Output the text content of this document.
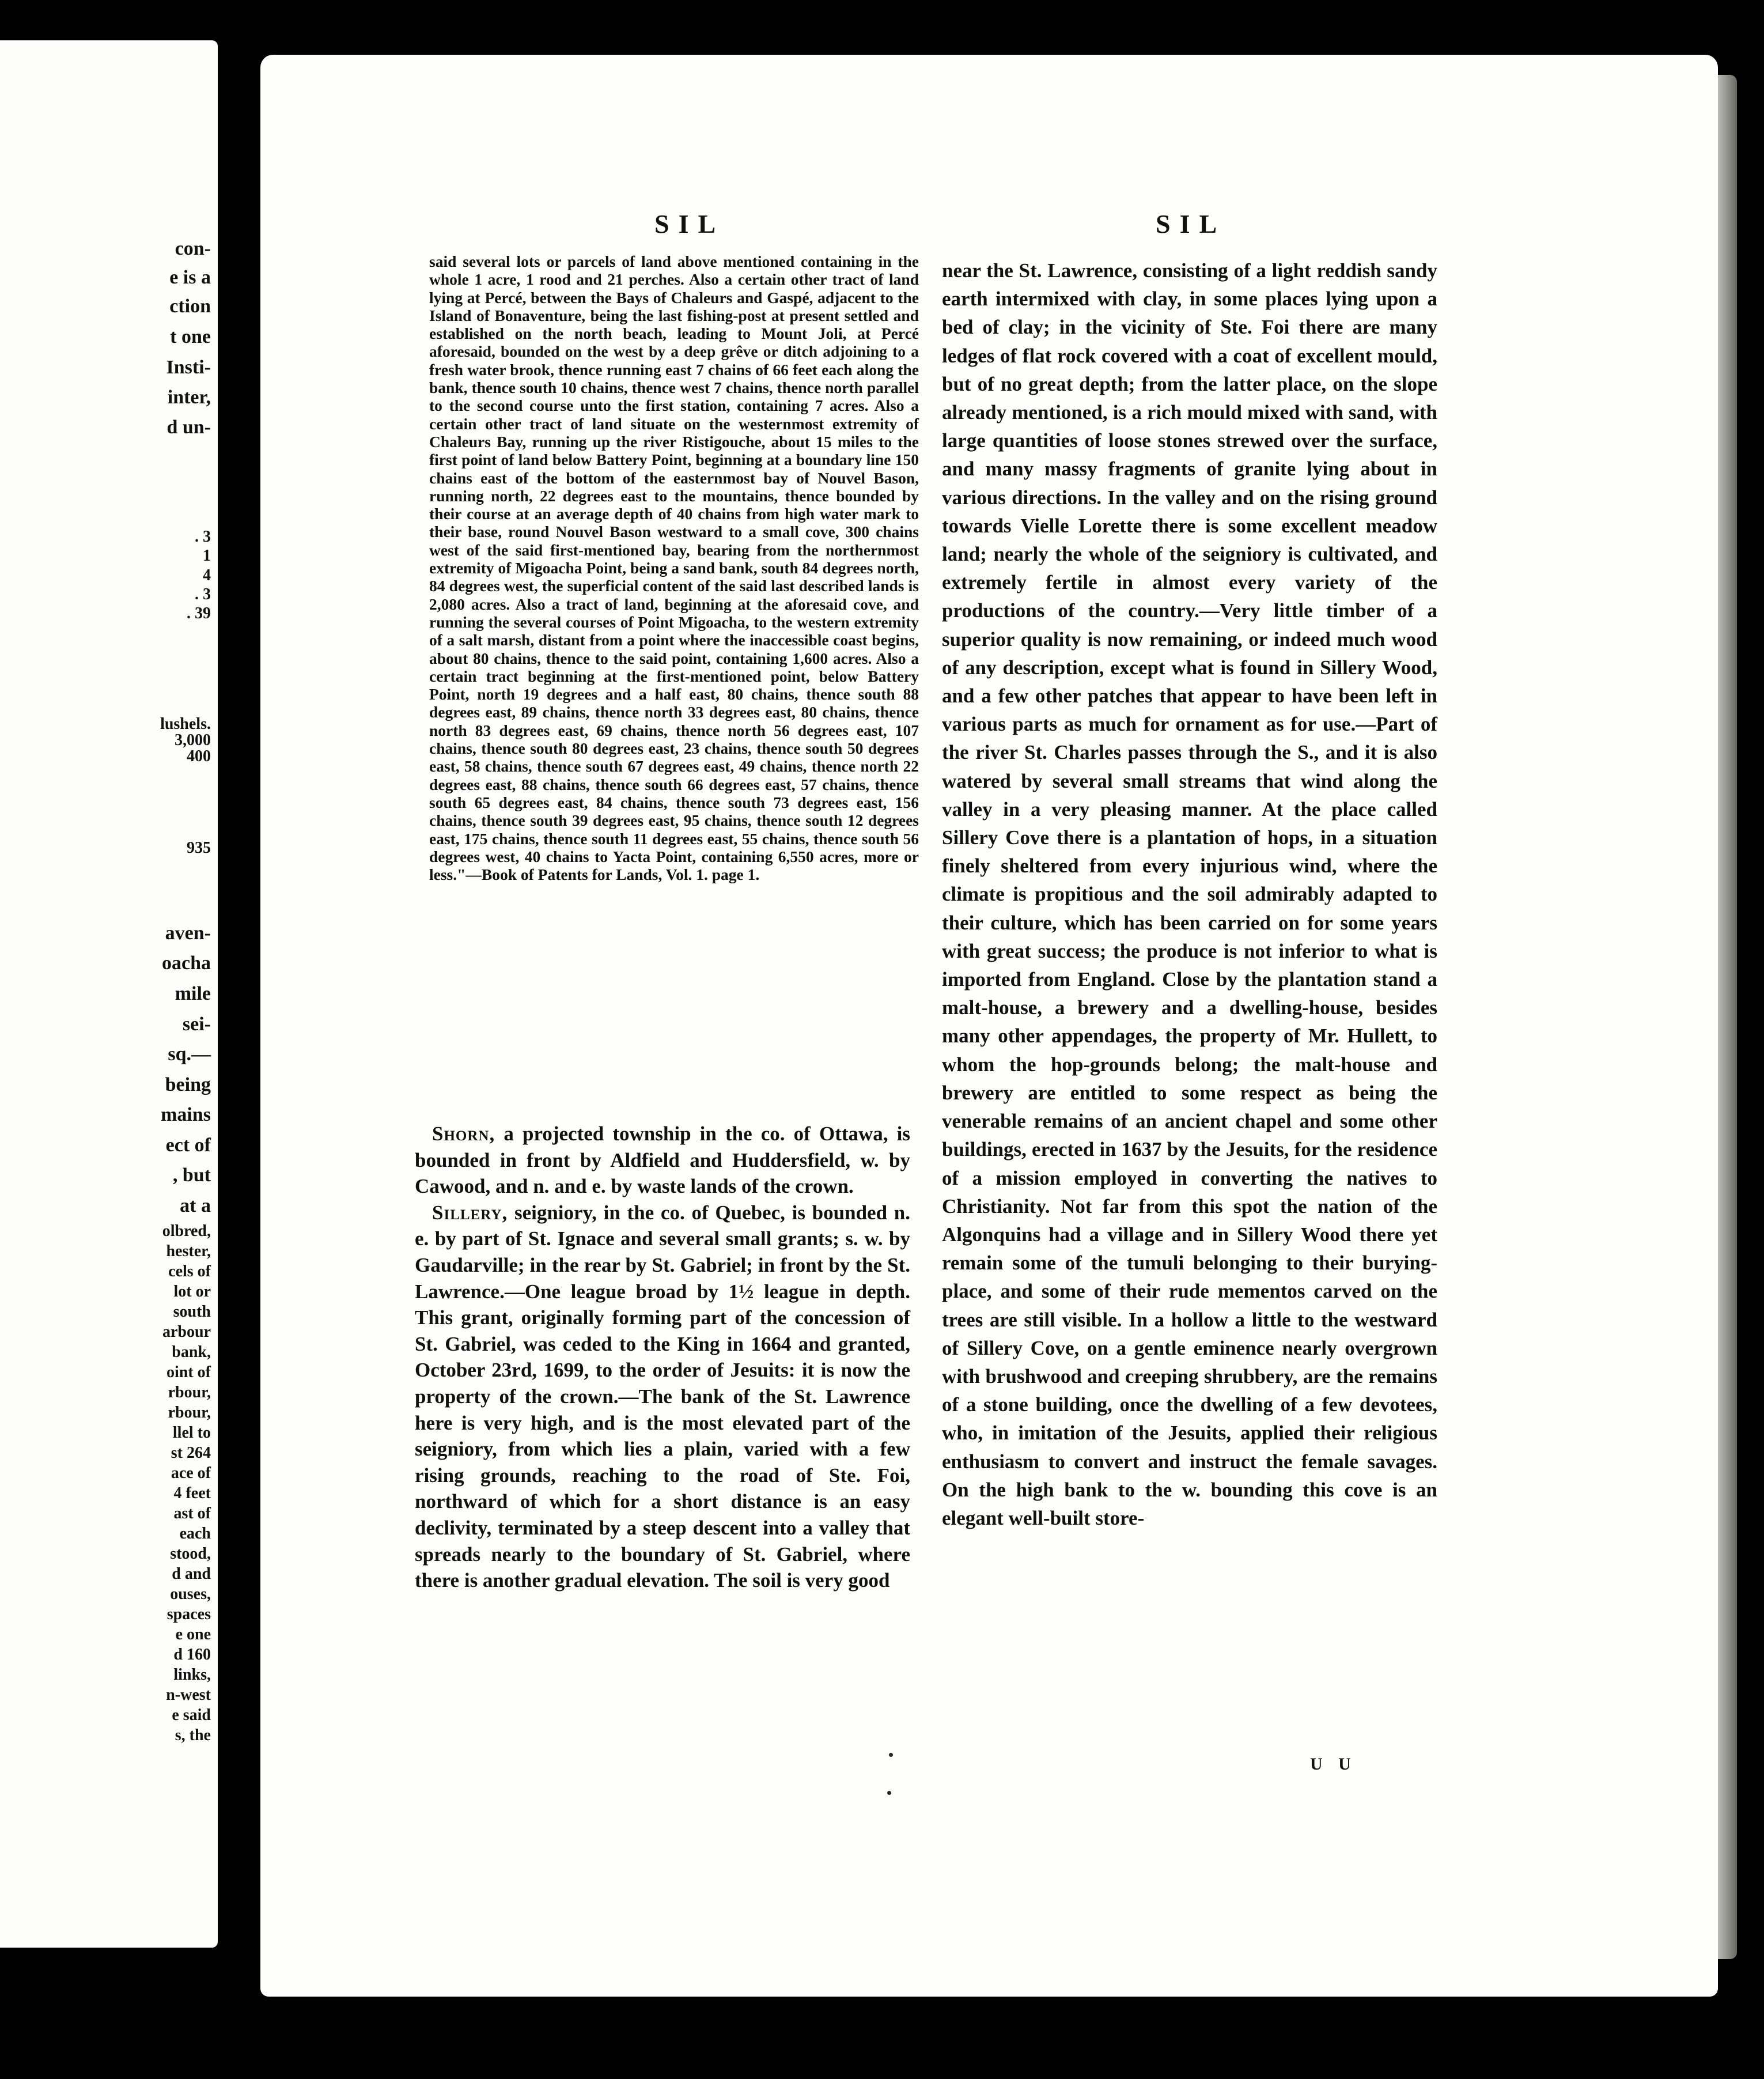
con-
e is a
ction
t one
Insti-
inter,
d un-
. 3
1
4
. 3
. 39
lushels.
3,000
400
935
aven-
oacha
mile
sei-
sq.—
being
mains
ect of
, but
at a
olbred,
hester,
cels of
lot or
south
arbour
bank,
oint of
rbour,
rbour,
llel to
st 264
ace of
4 feet
ast of
each
stood,
d and
ouses,
spaces
e one
d 160
links,
n-west
e said
s, the
SIL	SIL

said several lots or parcels of land above mentioned containing in the whole 1 acre, 1 rood and 21 perches. Also a certain other tract of land lying at Percé, between the Bays of Chaleurs and Gaspé, adjacent to the Island of Bonaventure, being the last fishing-post at present settled and established on the north beach, leading to Mount Joli, at Percé aforesaid, bounded on the west by a deep grêve or ditch adjoining to a fresh water brook, thence running east 7 chains of 66 feet each along the bank, thence south 10 chains, thence west 7 chains, thence north parallel to the second course unto the first station, containing 7 acres. Also a certain other tract of land situate on the westernmost extremity of Chaleurs Bay, running up the river Ristigouche, about 15 miles to the first point of land below Battery Point, beginning at a boundary line 150 chains east of the bottom of the easternmost bay of Nouvel Bason, running north, 22 degrees east to the mountains, thence bounded by their course at an average depth of 40 chains from high water mark to their base, round Nouvel Bason westward to a small cove, 300 chains west of the said first-mentioned bay, bearing from the northernmost extremity of Migoacha Point, being a sand bank, south 84 degrees north, 84 degrees west, the superficial content of the said last described lands is 2,080 acres. Also a tract of land, beginning at the aforesaid cove, and running the several courses of Point Migoacha, to the western extremity of a salt marsh, distant from a point where the inaccessible coast begins, about 80 chains, thence to the said point, containing 1,600 acres. Also a certain tract beginning at the first-mentioned point, below Battery Point, north 19 degrees and a half east, 80 chains, thence south 88 degrees east, 89 chains, thence north 33 degrees east, 80 chains, thence north 83 degrees east, 69 chains, thence north 56 degrees east, 107 chains, thence south 80 degrees east, 23 chains, thence south 50 degrees east, 58 chains, thence south 67 degrees east, 49 chains, thence north 22 degrees east, 88 chains, thence south 66 degrees east, 57 chains, thence south 65 degrees east, 84 chains, thence south 73 degrees east, 156 chains, thence south 39 degrees east, 95 chains, thence south 12 degrees east, 175 chains, thence south 11 degrees east, 55 chains, thence south 56 degrees west, 40 chains to Yacta Point, containing 6,550 acres, more or less."—Book of Patents for Lands, Vol. 1. page 1.

Shorn, a projected township in the co. of Ottawa, is bounded in front by Aldfield and Huddersfield, w. by Cawood, and n. and e. by waste lands of the crown.

Sillery, seigniory, in the co. of Quebec, is bounded n. e. by part of St. Ignace and several small grants; s. w. by Gaudarville; in the rear by St. Gabriel; in front by the St. Lawrence.—One league broad by 1½ league in depth. This grant, originally forming part of the concession of St. Gabriel, was ceded to the King in 1664 and granted, October 23rd, 1699, to the order of Jesuits: it is now the property of the crown.—The bank of the St. Lawrence here is very high, and is the most elevated part of the seigniory, from which lies a plain, varied with a few rising grounds, reaching to the road of Ste. Foi, northward of which for a short distance is an easy declivity, terminated by a steep descent into a valley that spreads nearly to the boundary of St. Gabriel, where there is another gradual elevation. The soil is very good

near the St. Lawrence, consisting of a light reddish sandy earth intermixed with clay, in some places lying upon a bed of clay; in the vicinity of Ste. Foi there are many ledges of flat rock covered with a coat of excellent mould, but of no great depth; from the latter place, on the slope already mentioned, is a rich mould mixed with sand, with large quantities of loose stones strewed over the surface, and many massy fragments of granite lying about in various directions. In the valley and on the rising ground towards Vielle Lorette there is some excellent meadow land; nearly the whole of the seigniory is cultivated, and extremely fertile in almost every variety of the productions of the country.—Very little timber of a superior quality is now remaining, or indeed much wood of any description, except what is found in Sillery Wood, and a few other patches that appear to have been left in various parts as much for ornament as for use.—Part of the river St. Charles passes through the S., and it is also watered by several small streams that wind along the valley in a very pleasing manner. At the place called Sillery Cove there is a plantation of hops, in a situation finely sheltered from every injurious wind, where the climate is propitious and the soil admirably adapted to their culture, which has been carried on for some years with great success; the produce is not inferior to what is imported from England. Close by the plantation stand a malt-house, a brewery and a dwelling-house, besides many other appendages, the property of Mr. Hullett, to whom the hop-grounds belong; the malt-house and brewery are entitled to some respect as being the venerable remains of an ancient chapel and some other buildings, erected in 1637 by the Jesuits, for the residence of a mission employed in converting the natives to Christianity. Not far from this spot the nation of the Algonquins had a village and in Sillery Wood there yet remain some of the tumuli belonging to their burying-place, and some of their rude mementos carved on the trees are still visible. In a hollow a little to the westward of Sillery Cove, on a gentle eminence nearly overgrown with brushwood and creeping shrubbery, are the remains of a stone building, once the dwelling of a few devotees, who, in imitation of the Jesuits, applied their religious enthusiasm to convert and instruct the female savages. On the high bank to the w. bounding this cove is an elegant well-built store-

U U
